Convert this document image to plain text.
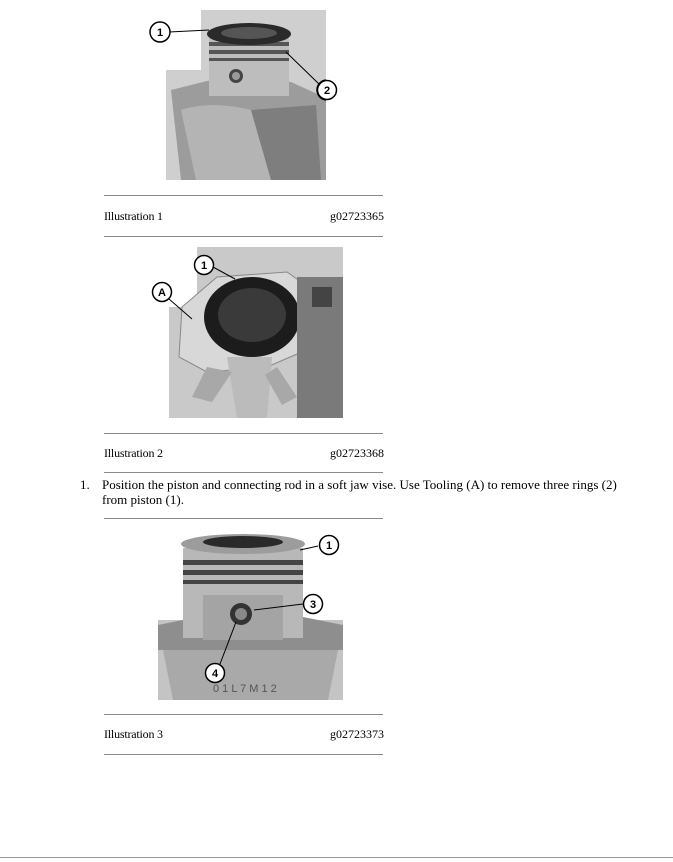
1
2
Illustration 1	g02723365
1
A
Illustration 2	g02723368
1. Position the piston and connecting rod in a soft jaw vise. Use Tooling (A) to remove three rings (2) from piston (1).
0 1 L 7 M 1 2
1
3
4
Illustration 3	g02723373
